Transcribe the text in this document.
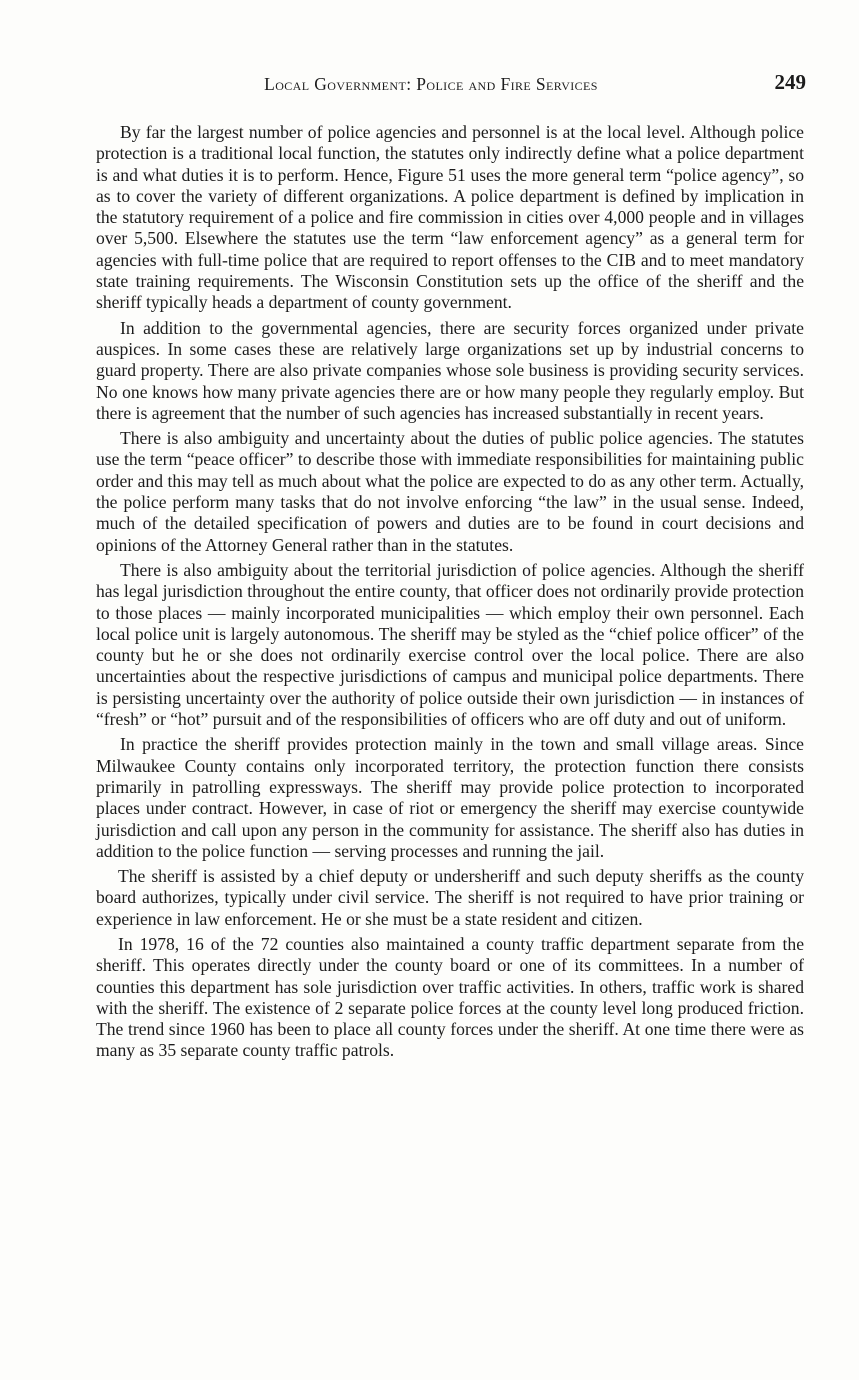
Local Government: Police and Fire Services	249

By far the largest number of police agencies and personnel is at the local level. Although police protection is a traditional local function, the statutes only indirectly define what a police department is and what duties it is to perform. Hence, Figure 51 uses the more general term “police agency”, so as to cover the variety of different organizations. A police department is defined by implication in the statutory requirement of a police and fire commission in cities over 4,000 people and in villages over 5,500. Elsewhere the statutes use the term “law enforcement agency” as a general term for agencies with full-time police that are required to report offenses to the CIB and to meet mandatory state training requirements. The Wisconsin Constitution sets up the office of the sheriff and the sheriff typically heads a department of county government.

In addition to the governmental agencies, there are security forces organized under private auspices. In some cases these are relatively large organizations set up by industrial concerns to guard property. There are also private companies whose sole business is providing security services. No one knows how many private agencies there are or how many people they regularly employ. But there is agreement that the number of such agencies has increased substantially in recent years.

There is also ambiguity and uncertainty about the duties of public police agencies. The statutes use the term “peace officer” to describe those with immediate responsibilities for maintaining public order and this may tell as much about what the police are expected to do as any other term. Actually, the police perform many tasks that do not involve enforcing “the law” in the usual sense. Indeed, much of the detailed specification of powers and duties are to be found in court decisions and opinions of the Attorney General rather than in the statutes.

There is also ambiguity about the territorial jurisdiction of police agencies. Although the sheriff has legal jurisdiction throughout the entire county, that officer does not ordinarily provide protection to those places — mainly incorporated municipalities — which employ their own personnel. Each local police unit is largely autonomous. The sheriff may be styled as the “chief police officer” of the county but he or she does not ordinarily exercise control over the local police. There are also uncertainties about the respective jurisdictions of campus and municipal police departments. There is persisting uncertainty over the authority of police outside their own jurisdiction — in instances of “fresh” or “hot” pursuit and of the responsibilities of officers who are off duty and out of uniform.

In practice the sheriff provides protection mainly in the town and small village areas. Since Milwaukee County contains only incorporated territory, the protection function there consists primarily in patrolling expressways. The sheriff may provide police protection to incorporated places under contract. However, in case of riot or emergency the sheriff may exercise countywide jurisdiction and call upon any person in the community for assistance. The sheriff also has duties in addition to the police function — serving processes and running the jail.

The sheriff is assisted by a chief deputy or undersheriff and such deputy sheriffs as the county board authorizes, typically under civil service. The sheriff is not required to have prior training or experience in law enforcement. He or she must be a state resident and citizen.

In 1978, 16 of the 72 counties also maintained a county traffic department separate from the sheriff. This operates directly under the county board or one of its committees. In a number of counties this department has sole jurisdiction over traffic activities. In others, traffic work is shared with the sheriff. The existence of 2 separate police forces at the county level long produced friction. The trend since 1960 has been to place all county forces under the sheriff. At one time there were as many as 35 separate county traffic patrols.
